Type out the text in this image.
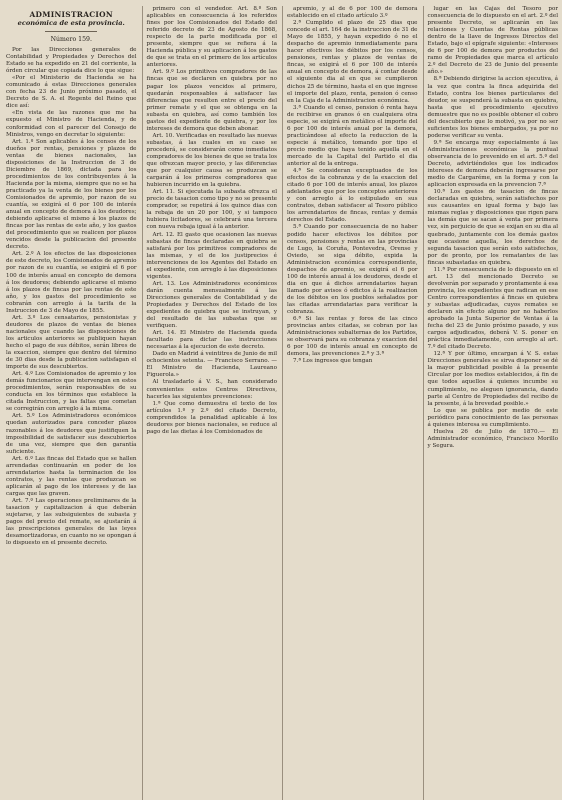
ADMINISTRACION
económica de esta provincia.
Número 159.

Por las Direcciones generales de Contabilidad y Propiedades y Derechos del Estado se ha expedido en 21 del corriente, la órden circular que copiada dice lo que sigue:

«Por el Ministerio de Hacienda se ha comunicado á estas Direcciones generales con fecha 23 de Junio próximo pasado, el Decreto de S. A. el Regente del Reino que dice así:

«En vista de las razones que me ha expuesto el Ministro de Hacienda, y de conformidad con el parecer del Consejo de Ministros, vengo en decretar lo siguiente:

Art. 1.º Son aplicables á los censos de los dueños por rentas, pensiones y plazos de ventas de bienes nacionales, las disposiciones de la Instruccion de 3 de Diciembre de 1869, dictada para los procedimientos de los contribuyentes á la Hacienda por la misma, siempre que no se ha practicado ya la venta de los bienes por los Comisionados de apremio, por razon de su cuantía, se exigirá el 6 por 100 de interés anual en concepto de demora á los deudores; debiendo aplicarse el mismo á los plazos de fincas por las rentas de este año, y los gastos del procedimiento que se realicen por plazos vencidos desde la publicacion del presente decreto.

Art. 2.º A los efectos de las disposiciones de este decreto, los Comisionados de apremio por razon de su cuantía, se exigirá el 6 por 100 de interés anual en concepto de demora á los deudores; debiendo aplicarse el mismo á los plazos de fincas por las rentas de este año, y los gastos del procedimiento se cobrarán con arreglo á la tarifa de la Instruccion de 3 de Mayo de 1855.

Art. 3.º Los censatarios, pensionistas y deudores de plazos de ventas de bienes nacionales que cuando las disposiciones de los articulos anteriores se publiquen hayan hecho el pago de sus débitos, serán libres de la exaccion, siempre que dentro del término de 30 dias desde la publicacion satisfagan el importe de sus descubiertos.

Art. 4.º Los Comisionados de apremio y los demás funcionarios que intervengan en estos procedimientos, serán responsables de su conducta en los términos que establece la citada Instruccion, y las faltas que cometan se corregirán con arreglo á la misma.

Art. 5.º Los Administradores económicos quedan autorizados para conceder plazos razonables á los deudores que justifiquen la imposibilidad de satisfacer sus descubiertos de una vez, siempre que den garantía suficiente.

Art. 6.º Las fincas del Estado que se hallen arrendadas continuarán en poder de los arrendatarios hasta la terminacion de los contratos, y las rentas que produzcan se aplicarán al pago de los intereses y de las cargas que las graven.

Art. 7.º Las operaciones preliminares de la tasacion y capitalizacion á que deberán sujetarse, y las subsiguientes de subasta y pagos del precio del remate, se ajustarán á las prescripciones generales de las leyes desamortizadoras, en cuanto no se opongan á lo dispuesto en el presente decreto.

primero con el vendedor. Art. 8.º Son aplicables en consecuencia á los referidos fines por los Comisionados del Estado del referido decreto de 23 de Agosto de 1868, respecto de la parte modificada por el presente, siempre que se refiera á la Hacienda pública y su aplicacion á los gastos de que se trata en el primero de los artículos anteriores.

Art. 9.º Los primitivos compradores de las fincas que se declaren en quiebra por no pagar los plazos vencidos al primero, quedarán responsables á satisfacer las diferencias que resulten entre el precio del primer remate y el que se obtenga en la subasta en quiebra, así como también los gastos del expediente de quiebra, y por los intereses de demora que deben abonar.

Art. 10. Verificadas en resultado las nuevas subastas, á las cuales en su caso se procederá, se considerarán como inmediatos compradores de los bienes de que se trata los que ofrezcan mayor precio, y las diferencias que por cualquier causa se produzcan se cargarán á los primeros compradores que hubieren incurrido en la quiebra.

Art. 11. Si ejecutada la subasta ofrezca el precio de tasacion como tipo y no se presente comprador, se repetirá á los quince dias con la rebaja de un 20 por 100, y si tampoco hubiera licitadores, se celebrará una tercera con nueva rebaja igual á la anterior.

Art. 12. El gasto que ocasionen las nuevas subastas de fincas declaradas en quiebra se satisfará por los primitivos compradores de las mismas, y el de los justiprecios é intervenciones de los Agentes del Estado en el expediente, con arreglo á las disposiciones vigentes.

Art. 13. Los Administradores económicos darán cuenta mensualmente á las Direcciones generales de Contabilidad y de Propiedades y Derechos del Estado de los expedientes de quiebra que se instruyan, y del resultado de las subastas que se verifiquen.

Art. 14. El Ministro de Hacienda queda facultado para dictar las instrucciones necesarias á la ejecucion de este decreto.

Dado en Madrid á veintitres de Junio de mil ochocientos setenta. — Francisco Serrano. — El Ministro de Hacienda, Laureano Figuerola.»

Al trasladarlo á V. S., han considerado convenientes estos Centros Directivos, hacerles las siguientes prevenciones:

1.ª Que como demuestra el texto de los artículos 1.º y 2.º del citado Decreto, comprendidos la penalidad aplicable á los deudores por bienes nacionales, se reduce al pago de las dietas á los Comisionados de

apremio, y al de 6 por 100 de demora establecido en el citado artículo 3.º

2.ª Cumplido el plazo de 25 dias que concede el art. 164 de la instruccion de 31 de Mayo de 1855, y hayan expedido ó no el despacho de apremio inmediatamente para hacer efectivos los débitos por los censos, pensiones, rentas y plazos de ventas de fincas, se exigirá el 6 por 100 de interés anual en concepto de demora, á contar desde el siguiente dia al en que se cumplieron dichos 25 de término, hasta el en que ingrese el importe del plazo, renta, pension ó censo en la Caja de la Administracion económica.

3.ª Cuando el censo, pension ó renta haya de recibirse en granos ó en cualquiera otra especie, se exigirá en metálico el importe del 6 por 100 de interés anual por la demora, practicándose al efecto la reduccion de la especie á metálico, tomando por tipo el precio medio que haya tenido aquella en el mercado de la Capital del Partido el dia anterior al de la entrega.

4.ª Se consideran exceptuados de los efectos de la cobranza y de la exaccion del citado 6 por 100 de interés anual, los plazos adelantados que por los conceptos anteriores y con arreglo á lo estipulado en sus contratos, deban satisfacer al Tesoro público los arrendatarios de fincas, rentas y demás derechos del Estado.

5.ª Cuando por consecuencia de no haber podido hacer efectivos los débitos por censos, pensiones y rentas en las provincias de Lugo, la Coruña, Pontevedra, Orense y Oviedo, se siga débito, expida la Administracion económica correspondiente, despachos de apremio, se exigirá el 6 por 100 de interés anual á los deudores, desde el dia en que á dichos arrendatarios hayan llamado por avisos ó edictos á la realizacion de los débitos en los pueblos señalados por las citadas arrendatarias para verificar la cobranza.

6.ª Si las rentas y foros de las cinco provincias antes citadas, se cobran por las Administraciones subalternas de los Partidos, se observará para su cobranza y exaccion del 6 por 100 de interés anual en concepto de demora, las prevenciones 2.ª y 3.ª

7.ª Los ingresos que tengan

lugar en las Cajas del Tesoro por consecuencia de lo dispuesto en el art. 2.º del presente Decreto, se aplicarán en las relaciones y Cuentas de Rentas públicas dentro de la llave de Ingresos Directos del Estado, bajo el epígrafe siguiente: «Intereses de 6 por 100 de demora por productos del ramo de Propiedades que marca el artículo 2.º del Decreto de 23 de Junio del presente año.»

8.ª Debiendo dirigirse la accion ejecutiva, á la vez que contra la finca adquirida del Estado, contra los bienes particulares del deudor, se suspenderá la subasta en quiebra, hasta que el procedimiento ejecutivo demuestre que no es posible obtener el cobro del descubierto que lo motivó, ya por no ser suficientes los bienes embargados, ya por no poderse verificar su venta.

9.ª Se encarga muy especialmente á las Administraciones económicas la puntual observancia de lo prevenido en el art. 5.º del Decreto, advirtiéndoles que los indicados intereses de demora deberán ingresarse por medio de Cargaréme, en la forma y con la aplicacion expresada en la prevencion 7.ª

10.ª Los gastos de tasacion de fincas declaradas en quiebra, serán satisfechos por sus causantes en igual forma y bajo las mismas reglas y disposiciones que rigen para las demás que se sacan á venta por primera vez, sin perjuicio de que se exijan en su dia al quebrado, juntamente con los demás gastos que ocasione aquella, los derechos de segunda tasacion que serán esto satisfechos, por de pronto, por los rematantes de las fincas subastadas en quiebra.

11.ª Por consecuencia de lo dispuesto en el art. 13 del mencionado Decreto se devolverán por separado y prontamente á esa provincia, los expedientes que radican en ese Centro correspondientes á fincas en quiebra y subastas adjudicadas, cuyos remates se declaren sin efecto alguno por no haberlos aprobado la Junta Superior de Ventas á la fecha del 23 de Junio próximo pasado, y sus cargos adjudicados, deberá V. S. poner en práctica inmediatamente, con arreglo al art. 7.º del citado Decreto.

12.ª Y por último, encargan á V. S. estas Direcciones generales se sirva disponer se dé la mayor publicidad posible á la presente Circular por los medios establecidos, á fin de que todos aquellos á quienes incumbe su cumplimiento, no aleguen ignorancia, dando parte al Centro de Propiedades del recibo de la presente, á la brevedad posible.»

Lo que se publica por medio de este periódico para conocimiento de las personas á quienes interesa su cumplimiento.

Huelva 26 de Julio de 1870.— El Administrador económico, Francisco Morillo y Segura.
